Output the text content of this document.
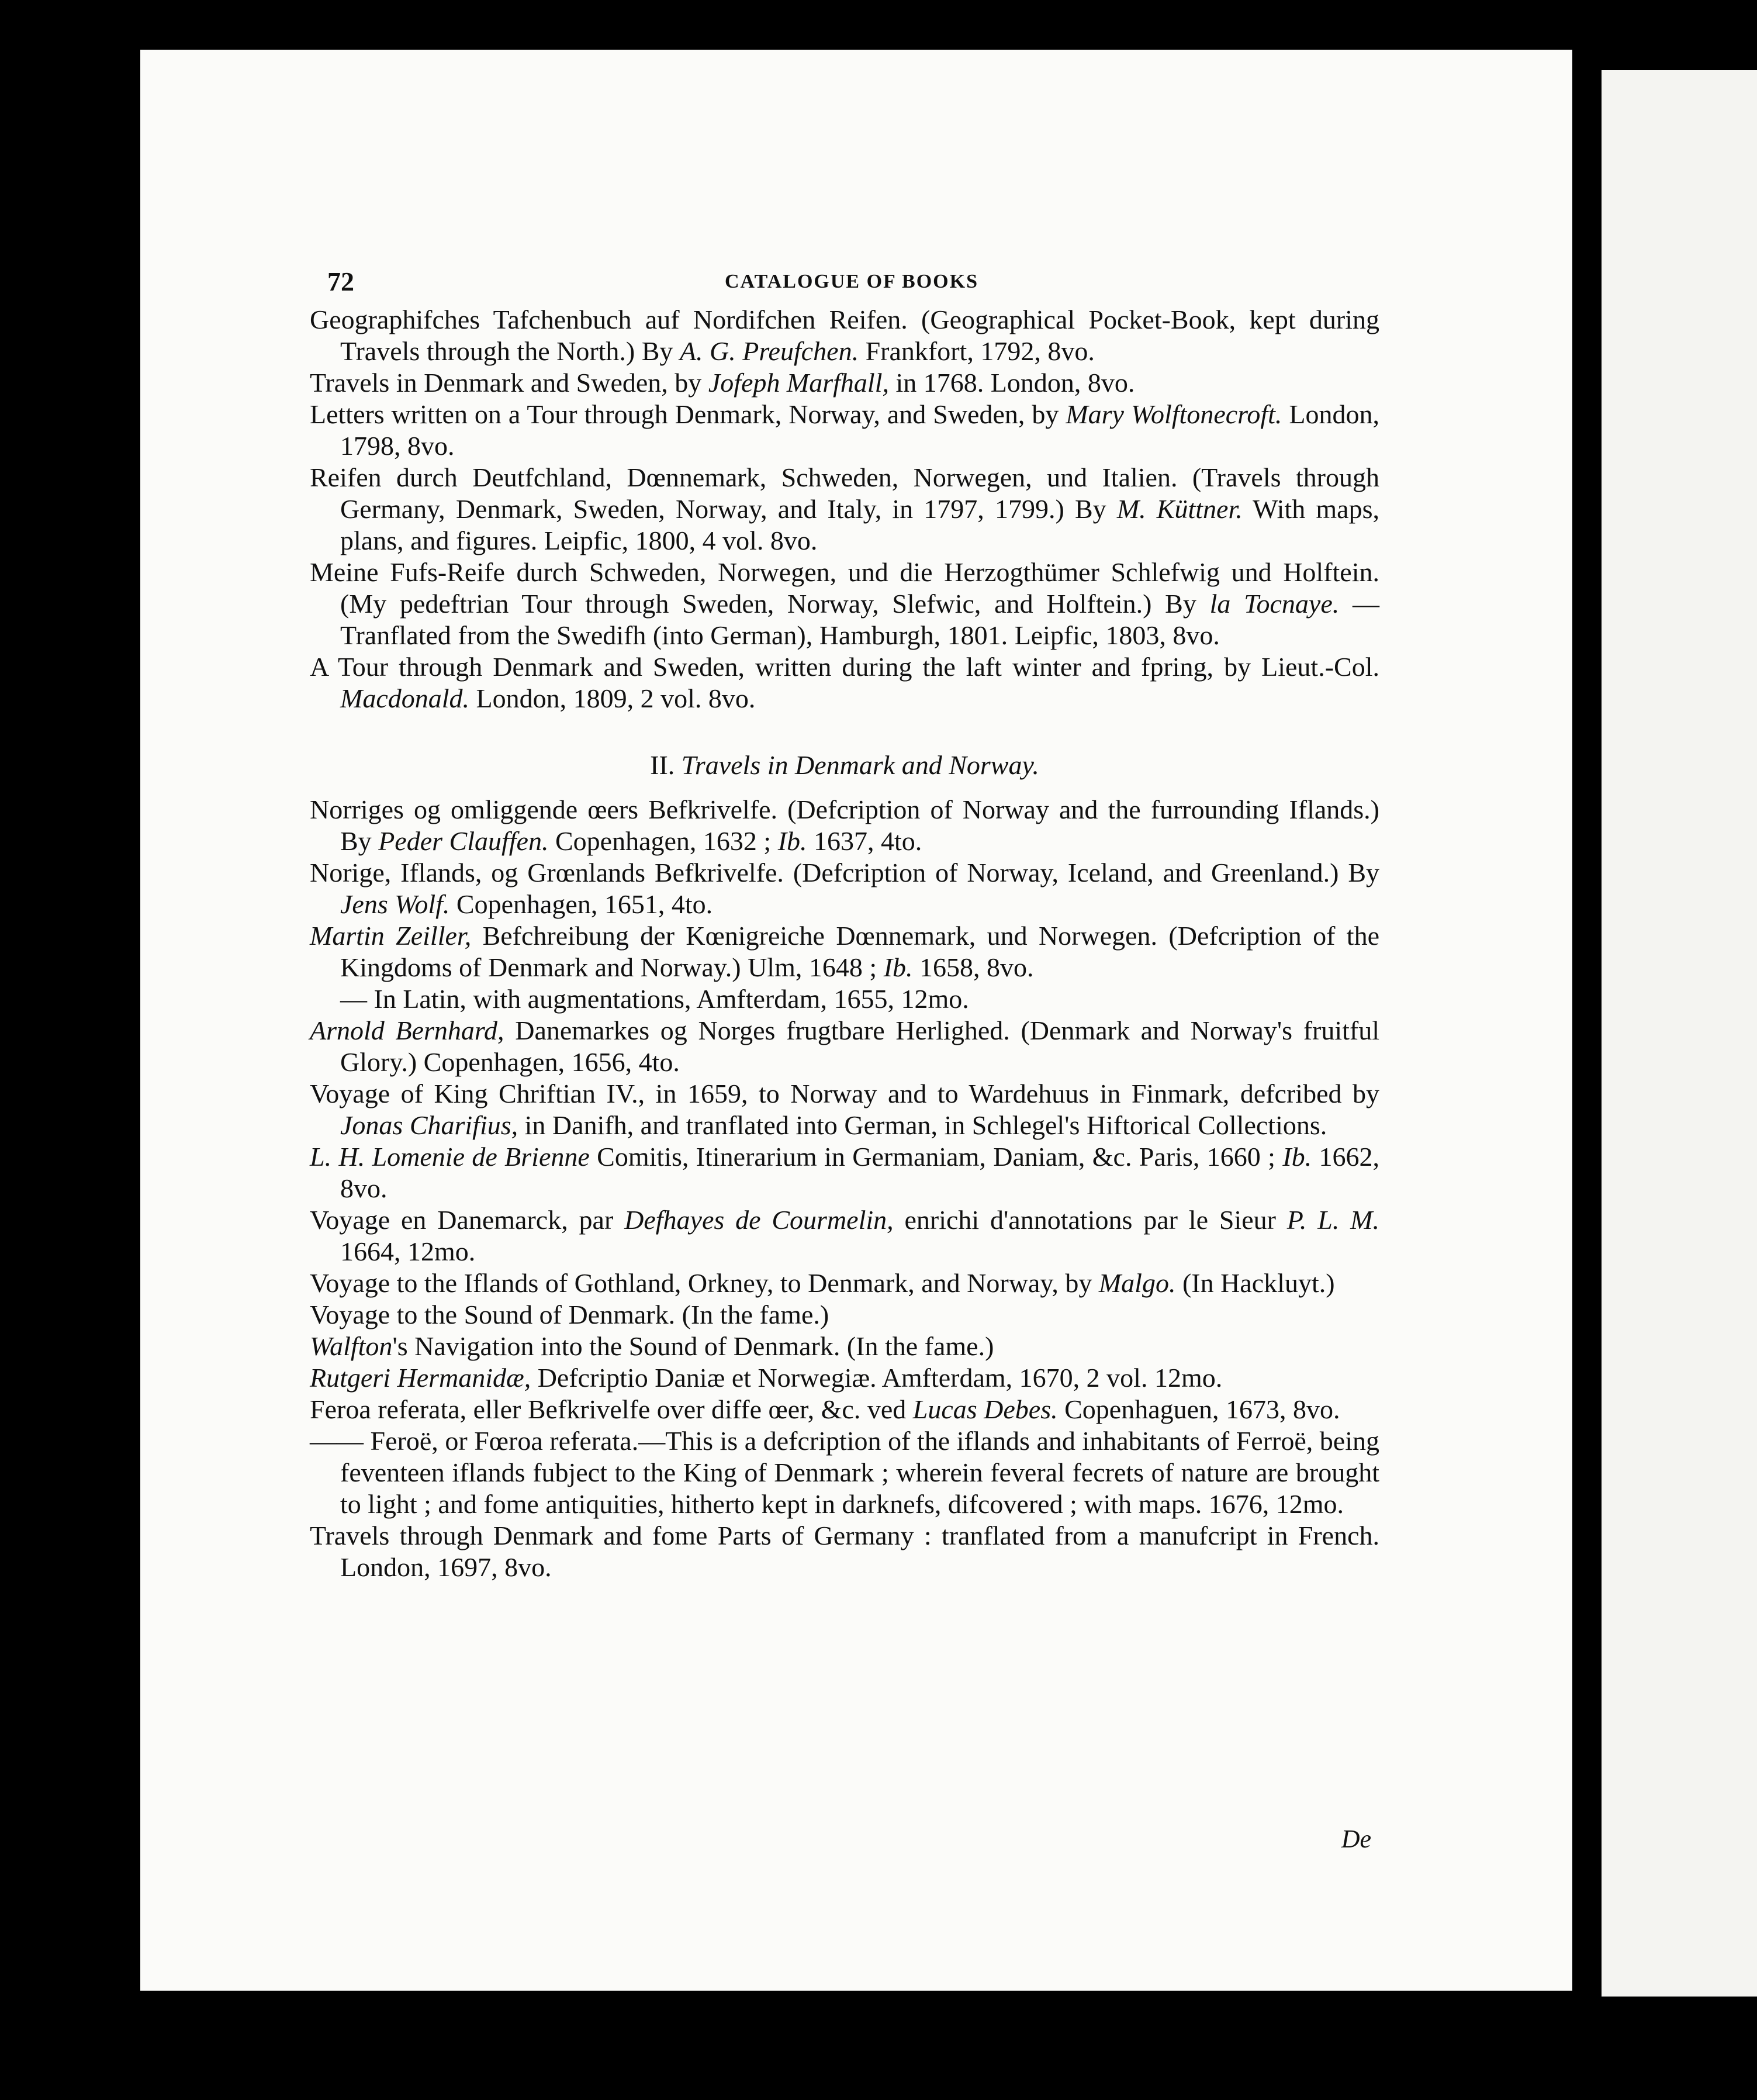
72	CATALOGUE OF BOOKS

Geographifches Tafchenbuch auf Nordifchen Reifen. (Geographical Pocket-Book, kept during Travels through the North.) By A. G. Preufchen. Frankfort, 1792, 8vo.

Travels in Denmark and Sweden, by Jofeph Marfhall, in 1768. London, 8vo.

Letters written on a Tour through Denmark, Norway, and Sweden, by Mary Wolftonecroft. London, 1798, 8vo.

Reifen durch Deutfchland, Dœnnemark, Schweden, Norwegen, und Italien. (Travels through Germany, Denmark, Sweden, Norway, and Italy, in 1797, 1799.) By M. Küttner. With maps, plans, and figures. Leipfic, 1800, 4 vol. 8vo.

Meine Fufs-Reife durch Schweden, Norwegen, und die Herzogthümer Schlefwig und Holftein. (My pedeftrian Tour through Sweden, Norway, Slefwic, and Holftein.) By la Tocnaye. — Tranflated from the Swedifh (into German), Hamburgh, 1801. Leipfic, 1803, 8vo.

A Tour through Denmark and Sweden, written during the laft winter and fpring, by Lieut.-Col. Macdonald. London, 1809, 2 vol. 8vo.

II. Travels in Denmark and Norway.

Norriges og omliggende œers Befkrivelfe. (Defcription of Norway and the furrounding Iflands.) By Peder Clauffen. Copenhagen, 1632 ; Ib. 1637, 4to.

Norige, Iflands, og Grœnlands Befkrivelfe. (Defcription of Norway, Iceland, and Greenland.) By Jens Wolf. Copenhagen, 1651, 4to.

Martin Zeiller, Befchreibung der Kœnigreiche Dœnnemark, und Norwegen. (Defcription of the Kingdoms of Denmark and Norway.) Ulm, 1648 ; Ib. 1658, 8vo.

— In Latin, with augmentations, Amfterdam, 1655, 12mo.

Arnold Bernhard, Danemarkes og Norges frugtbare Herlighed. (Denmark and Norway's fruitful Glory.) Copenhagen, 1656, 4to.

Voyage of King Chriftian IV., in 1659, to Norway and to Wardehuus in Finmark, defcribed by Jonas Charifius, in Danifh, and tranflated into German, in Schlegel's Hiftorical Collections.

L. H. Lomenie de Brienne Comitis, Itinerarium in Germaniam, Daniam, &c. Paris, 1660 ; Ib. 1662, 8vo.

Voyage en Danemarck, par Defhayes de Courmelin, enrichi d'annotations par le Sieur P. L. M. 1664, 12mo.

Voyage to the Iflands of Gothland, Orkney, to Denmark, and Norway, by Malgo. (In Hackluyt.)

Voyage to the Sound of Denmark. (In the fame.)

Walfton's Navigation into the Sound of Denmark. (In the fame.)

Rutgeri Hermanidæ, Defcriptio Daniæ et Norwegiæ. Amfterdam, 1670, 2 vol. 12mo.

Feroa referata, eller Befkrivelfe over diffe œer, &c. ved Lucas Debes. Copenhaguen, 1673, 8vo.

—— Feroë, or Fœroa referata.—This is a defcription of the iflands and inhabitants of Ferroë, being feventeen iflands fubject to the King of Denmark ; wherein feveral fecrets of nature are brought to light ; and fome antiquities, hitherto kept in darknefs, difcovered ; with maps. 1676, 12mo.

Travels through Denmark and fome Parts of Germany : tranflated from a manufcript in French. London, 1697, 8vo.

De
